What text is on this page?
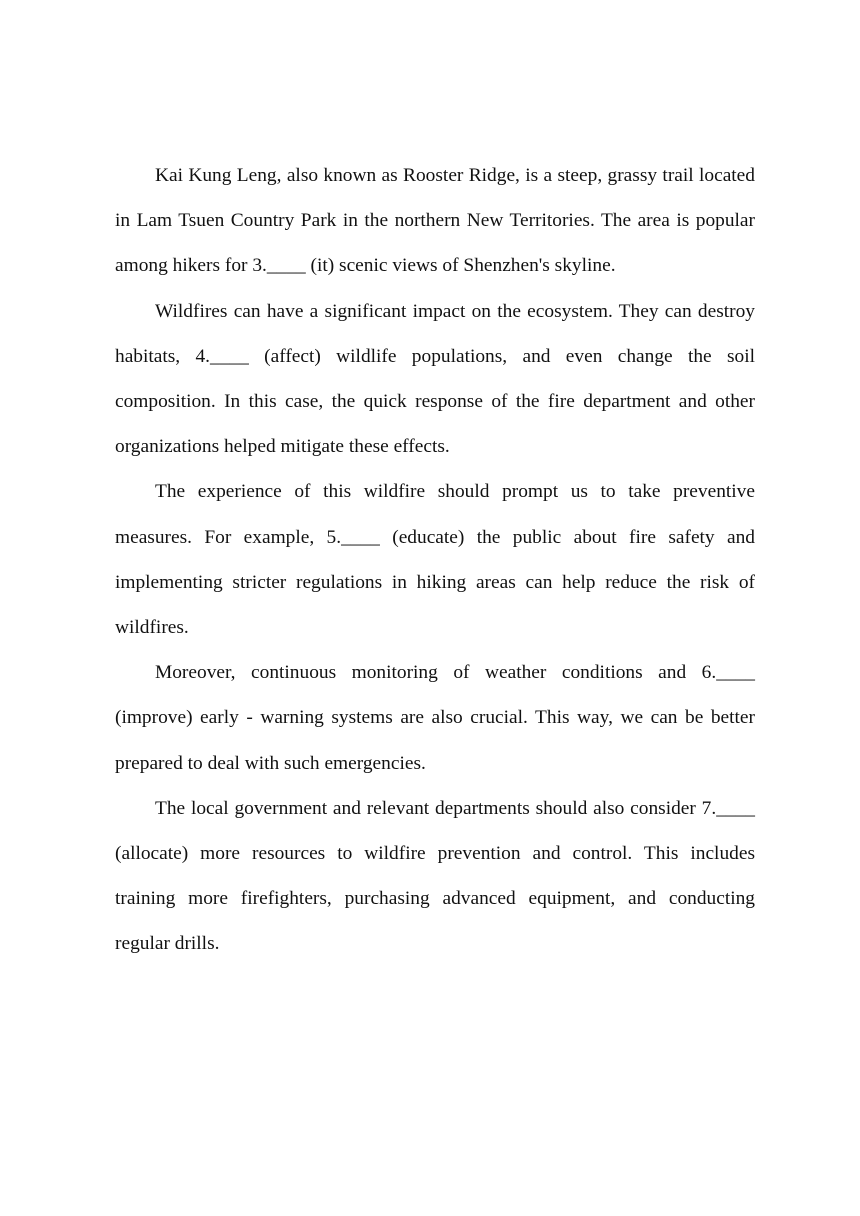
Kai Kung Leng, also known as Rooster Ridge, is a steep, grassy trail located in Lam Tsuen Country Park in the northern New Territories. The area is popular among hikers for 3.____ (it) scenic views of Shenzhen's skyline.

Wildfires can have a significant impact on the ecosystem. They can destroy habitats, 4.____ (affect) wildlife populations, and even change the soil composition. In this case, the quick response of the fire department and other organizations helped mitigate these effects.

The experience of this wildfire should prompt us to take preventive measures. For example, 5.____ (educate) the public about fire safety and implementing stricter regulations in hiking areas can help reduce the risk of wildfires.

Moreover, continuous monitoring of weather conditions and 6.____ (improve) early - warning systems are also crucial. This way, we can be better prepared to deal with such emergencies.

The local government and relevant departments should also consider 7.____ (allocate) more resources to wildfire prevention and control. This includes training more firefighters, purchasing advanced equipment, and conducting regular drills.
